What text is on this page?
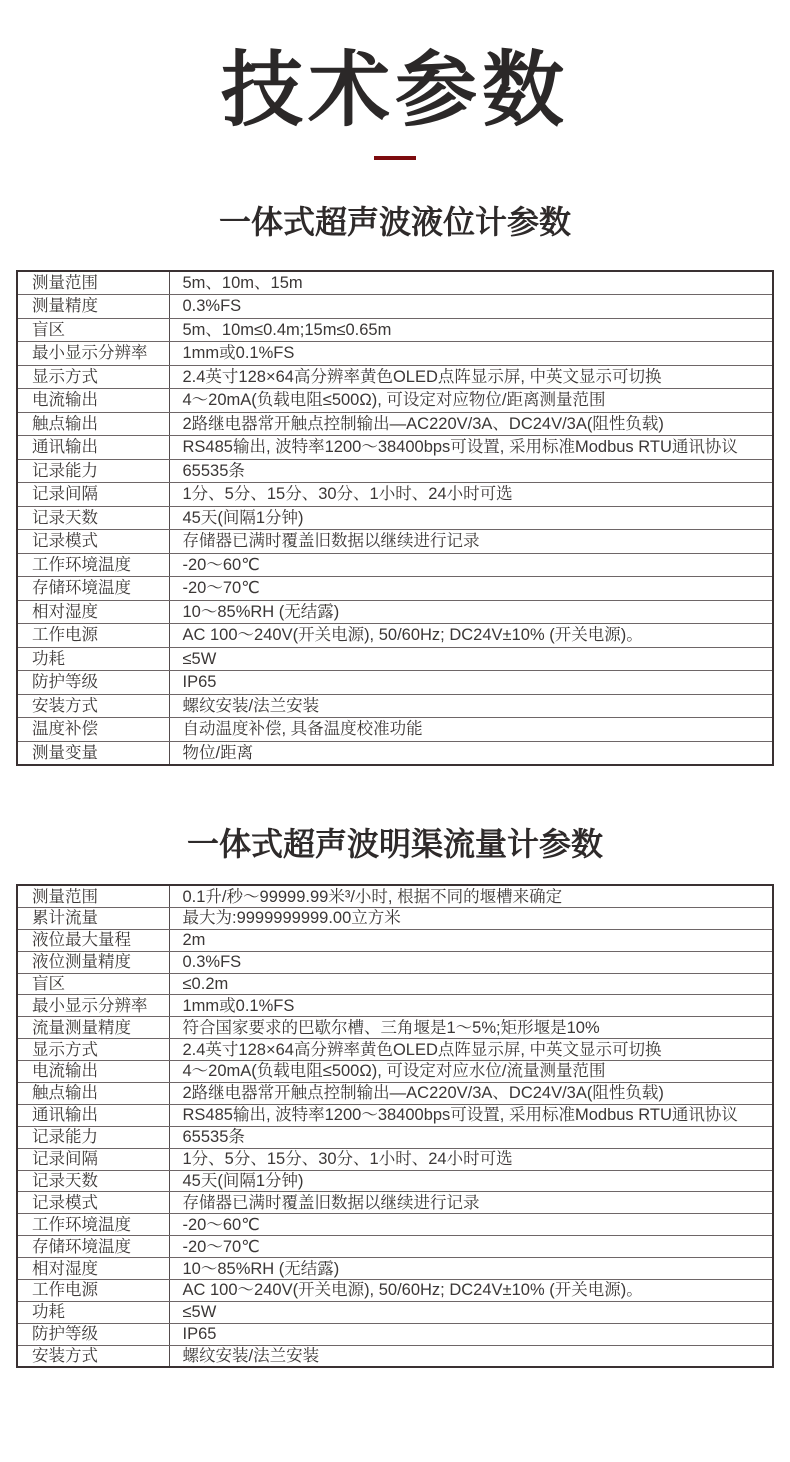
技术参数
一体式超声波液位计参数
测量范围	5m、10m、15m
测量精度	0.3%FS
盲区	5m、10m≤0.4m;15m≤0.65m
最小显示分辨率	1mm或0.1%FS
显示方式	2.4英寸128×64高分辨率黄色OLED点阵显示屏, 中英文显示可切换
电流输出	4～20mA(负载电阻≤500Ω), 可设定对应物位/距离测量范围
触点输出	2路继电器常开触点控制输出—AC220V/3A、DC24V/3A(阻性负载)
通讯输出	RS485输出, 波特率1200～38400bps可设置, 采用标准Modbus RTU通讯协议
记录能力	65535条
记录间隔	1分、5分、15分、30分、1小时、24小时可选
记录天数	45天(间隔1分钟)
记录模式	存储器已满时覆盖旧数据以继续进行记录
工作环境温度	-20～60℃
存储环境温度	-20～70℃
相对湿度	10～85%RH (无结露)
工作电源	AC 100～240V(开关电源), 50/60Hz; DC24V±10% (开关电源)。
功耗	≤5W
防护等级	IP65
安装方式	螺纹安装/法兰安装
温度补偿	自动温度补偿, 具备温度校准功能
测量变量	物位/距离
一体式超声波明渠流量计参数
测量范围	0.1升/秒～99999.99米³/小时, 根据不同的堰槽来确定
累计流量	最大为:9999999999.00立方米
液位最大量程	2m
液位测量精度	0.3%FS
盲区	≤0.2m
最小显示分辨率	1mm或0.1%FS
流量测量精度	符合国家要求的巴歇尔槽、三角堰是1～5%;矩形堰是10%
显示方式	2.4英寸128×64高分辨率黄色OLED点阵显示屏, 中英文显示可切换
电流输出	4～20mA(负载电阻≤500Ω), 可设定对应水位/流量测量范围
触点输出	2路继电器常开触点控制输出—AC220V/3A、DC24V/3A(阻性负载)
通讯输出	RS485输出, 波特率1200～38400bps可设置, 采用标准Modbus RTU通讯协议
记录能力	65535条
记录间隔	1分、5分、15分、30分、1小时、24小时可选
记录天数	45天(间隔1分钟)
记录模式	存储器已满时覆盖旧数据以继续进行记录
工作环境温度	-20～60℃
存储环境温度	-20～70℃
相对湿度	10～85%RH (无结露)
工作电源	AC 100～240V(开关电源), 50/60Hz; DC24V±10% (开关电源)。
功耗	≤5W
防护等级	IP65
安装方式	螺纹安装/法兰安装
